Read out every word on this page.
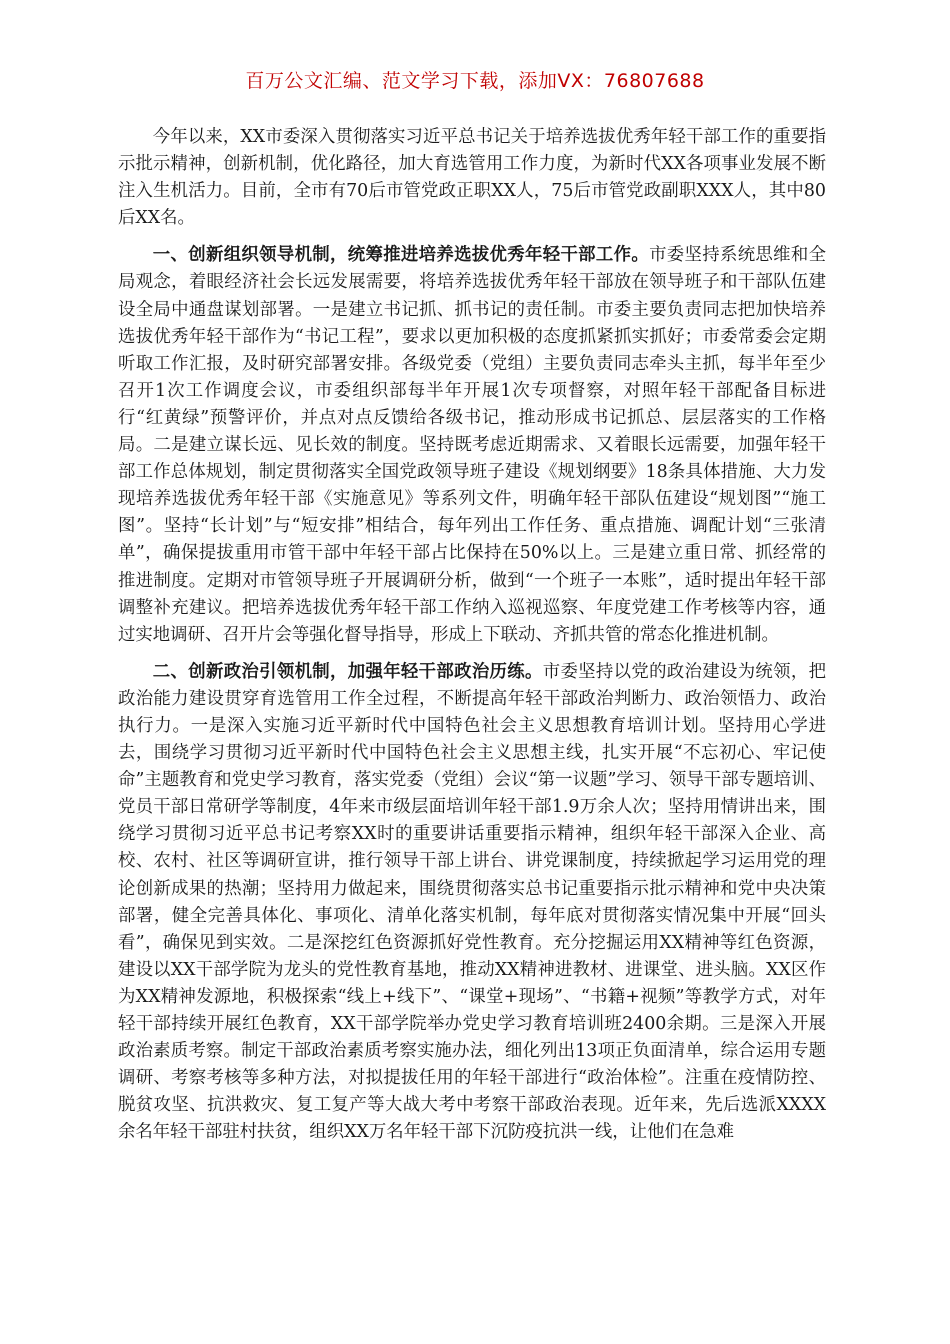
百万公文汇编、范文学习下载，添加VX：76807688

今年以来，XX市委深入贯彻落实习近平总书记关于培养选拔优秀年轻干部工作的重要指示批示精神，创新机制，优化路径，加大育选管用工作力度，为新时代XX各项事业发展不断注入生机活力。目前，全市有70后市管党政正职XX人，75后市管党政副职XXX人，其中80后XX名。

一、创新组织领导机制，统筹推进培养选拔优秀年轻干部工作。市委坚持系统思维和全局观念，着眼经济社会长远发展需要，将培养选拔优秀年轻干部放在领导班子和干部队伍建设全局中通盘谋划部署。一是建立书记抓、抓书记的责任制。市委主要负责同志把加快培养选拔优秀年轻干部作为“书记工程”，要求以更加积极的态度抓紧抓实抓好；市委常委会定期听取工作汇报，及时研究部署安排。各级党委（党组）主要负责同志牵头主抓，每半年至少召开1次工作调度会议，市委组织部每半年开展1次专项督察，对照年轻干部配备目标进行“红黄绿”预警评价，并点对点反馈给各级书记，推动形成书记抓总、层层落实的工作格局。二是建立谋长远、见长效的制度。坚持既考虑近期需求、又着眼长远需要，加强年轻干部工作总体规划，制定贯彻落实全国党政领导班子建设《规划纲要》18条具体措施、大力发现培养选拔优秀年轻干部《实施意见》等系列文件，明确年轻干部队伍建设“规划图”“施工图”。坚持“长计划”与“短安排”相结合，每年列出工作任务、重点措施、调配计划“三张清单”，确保提拔重用市管干部中年轻干部占比保持在50%以上。三是建立重日常、抓经常的推进制度。定期对市管领导班子开展调研分析，做到“一个班子一本账”，适时提出年轻干部调整补充建议。把培养选拔优秀年轻干部工作纳入巡视巡察、年度党建工作考核等内容，通过实地调研、召开片会等强化督导指导，形成上下联动、齐抓共管的常态化推进机制。

二、创新政治引领机制，加强年轻干部政治历练。市委坚持以党的政治建设为统领，把政治能力建设贯穿育选管用工作全过程，不断提高年轻干部政治判断力、政治领悟力、政治执行力。一是深入实施习近平新时代中国特色社会主义思想教育培训计划。坚持用心学进去，围绕学习贯彻习近平新时代中国特色社会主义思想主线，扎实开展“不忘初心、牢记使命”主题教育和党史学习教育，落实党委（党组）会议“第一议题”学习、领导干部专题培训、党员干部日常研学等制度，4年来市级层面培训年轻干部1.9万余人次；坚持用情讲出来，围绕学习贯彻习近平总书记考察XX时的重要讲话重要指示精神，组织年轻干部深入企业、高校、农村、社区等调研宣讲，推行领导干部上讲台、讲党课制度，持续掀起学习运用党的理论创新成果的热潮；坚持用力做起来，围绕贯彻落实总书记重要指示批示精神和党中央决策部署，健全完善具体化、事项化、清单化落实机制，每年底对贯彻落实情况集中开展“回头看”，确保见到实效。二是深挖红色资源抓好党性教育。充分挖掘运用XX精神等红色资源，建设以XX干部学院为龙头的党性教育基地，推动XX精神进教材、进课堂、进头脑。XX区作为XX精神发源地，积极探索“线上+线下”、“课堂+现场”、“书籍+视频”等教学方式，对年轻干部持续开展红色教育，XX干部学院举办党史学习教育培训班2400余期。三是深入开展政治素质考察。制定干部政治素质考察实施办法，细化列出13项正负面清单，综合运用专题调研、考察考核等多种方法，对拟提拔任用的年轻干部进行“政治体检”。注重在疫情防控、脱贫攻坚、抗洪救灾、复工复产等大战大考中考察干部政治表现。近年来，先后选派XXXX余名年轻干部驻村扶贫，组织XX万名年轻干部下沉防疫抗洪一线，让他们在急难
